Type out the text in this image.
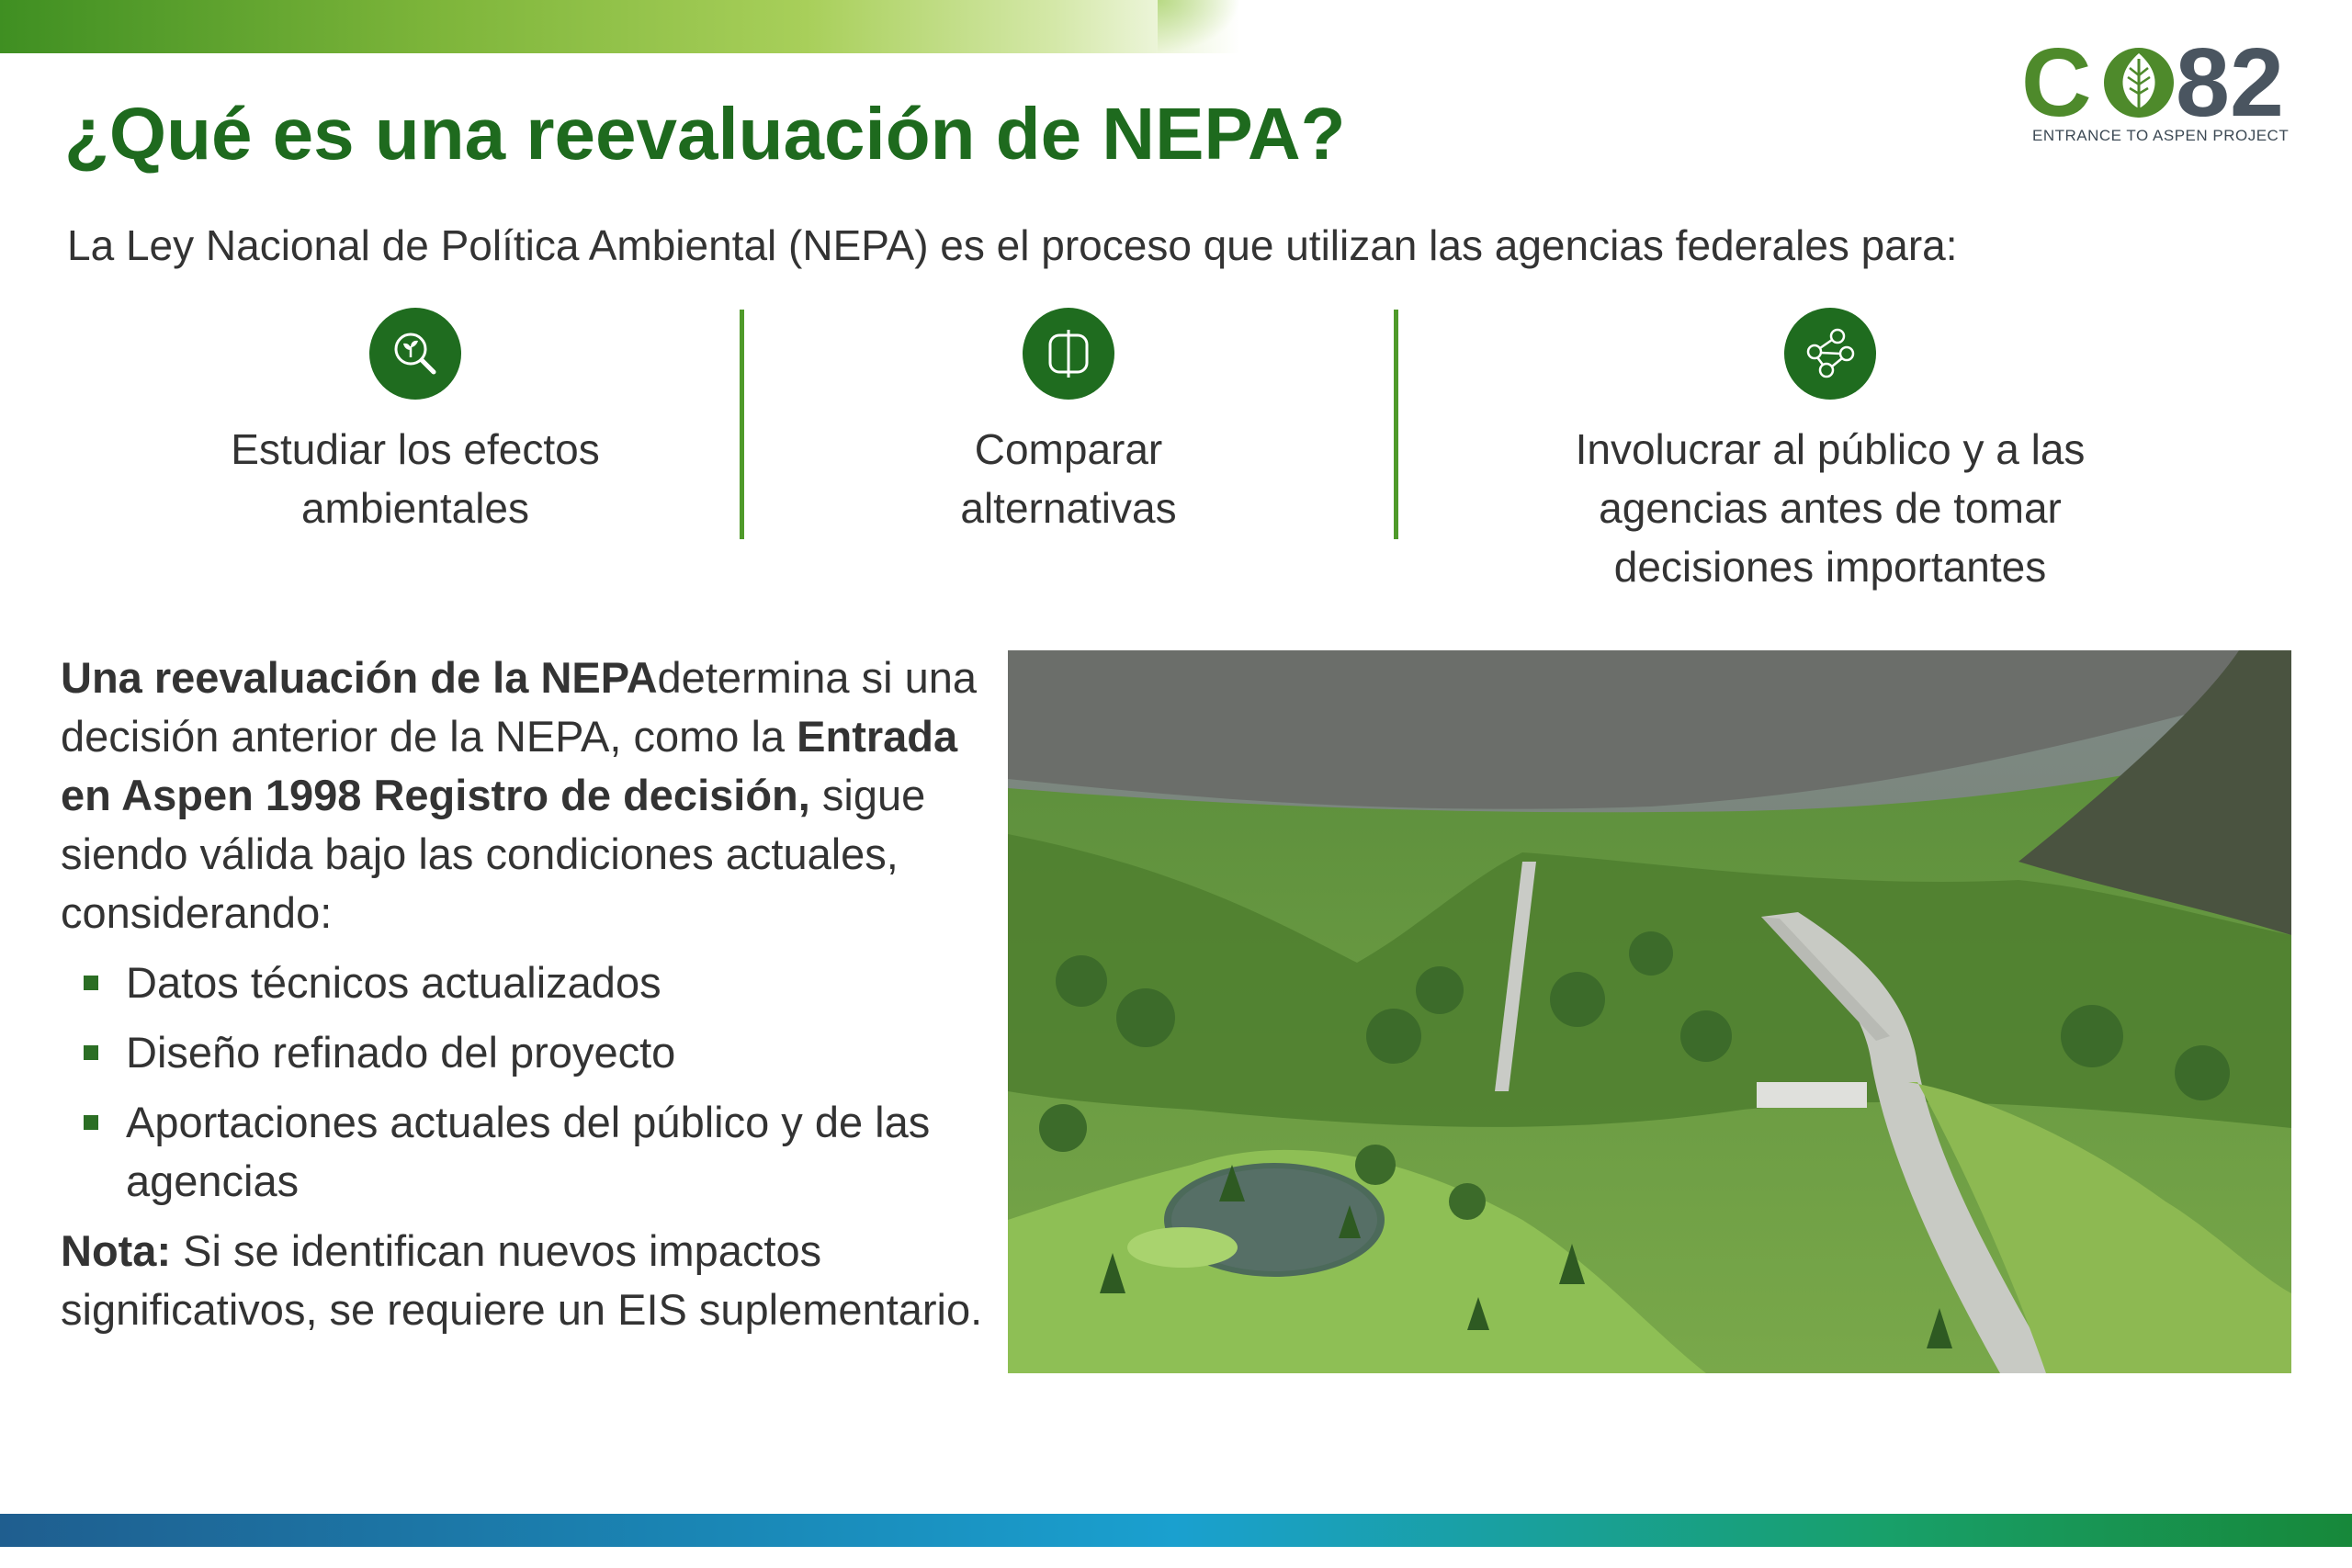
C 82
ENTRANCE TO ASPEN PROJECT
¿Qué es una reevaluación de NEPA?

La Ley Nacional de Política Ambiental (NEPA) es el proceso que utilizan las agencias federales para:

Estudiar los efectos
ambientales
Comparar
alternativas
Involucrar al público y a las
agencias antes de tomar
decisiones importantes

Una reevaluación de la NEPAdetermina si una decisión anterior de la NEPA, como la Entrada en Aspen 1998 Registro de decisión, sigue siendo válida bajo las condiciones actuales, considerando:

Datos técnicos actualizados
Diseño refinado del proyecto
Aportaciones actuales del público y de las agencias

Nota: Si se identifican nuevos impactos significativos, se requiere un EIS suplementario.
